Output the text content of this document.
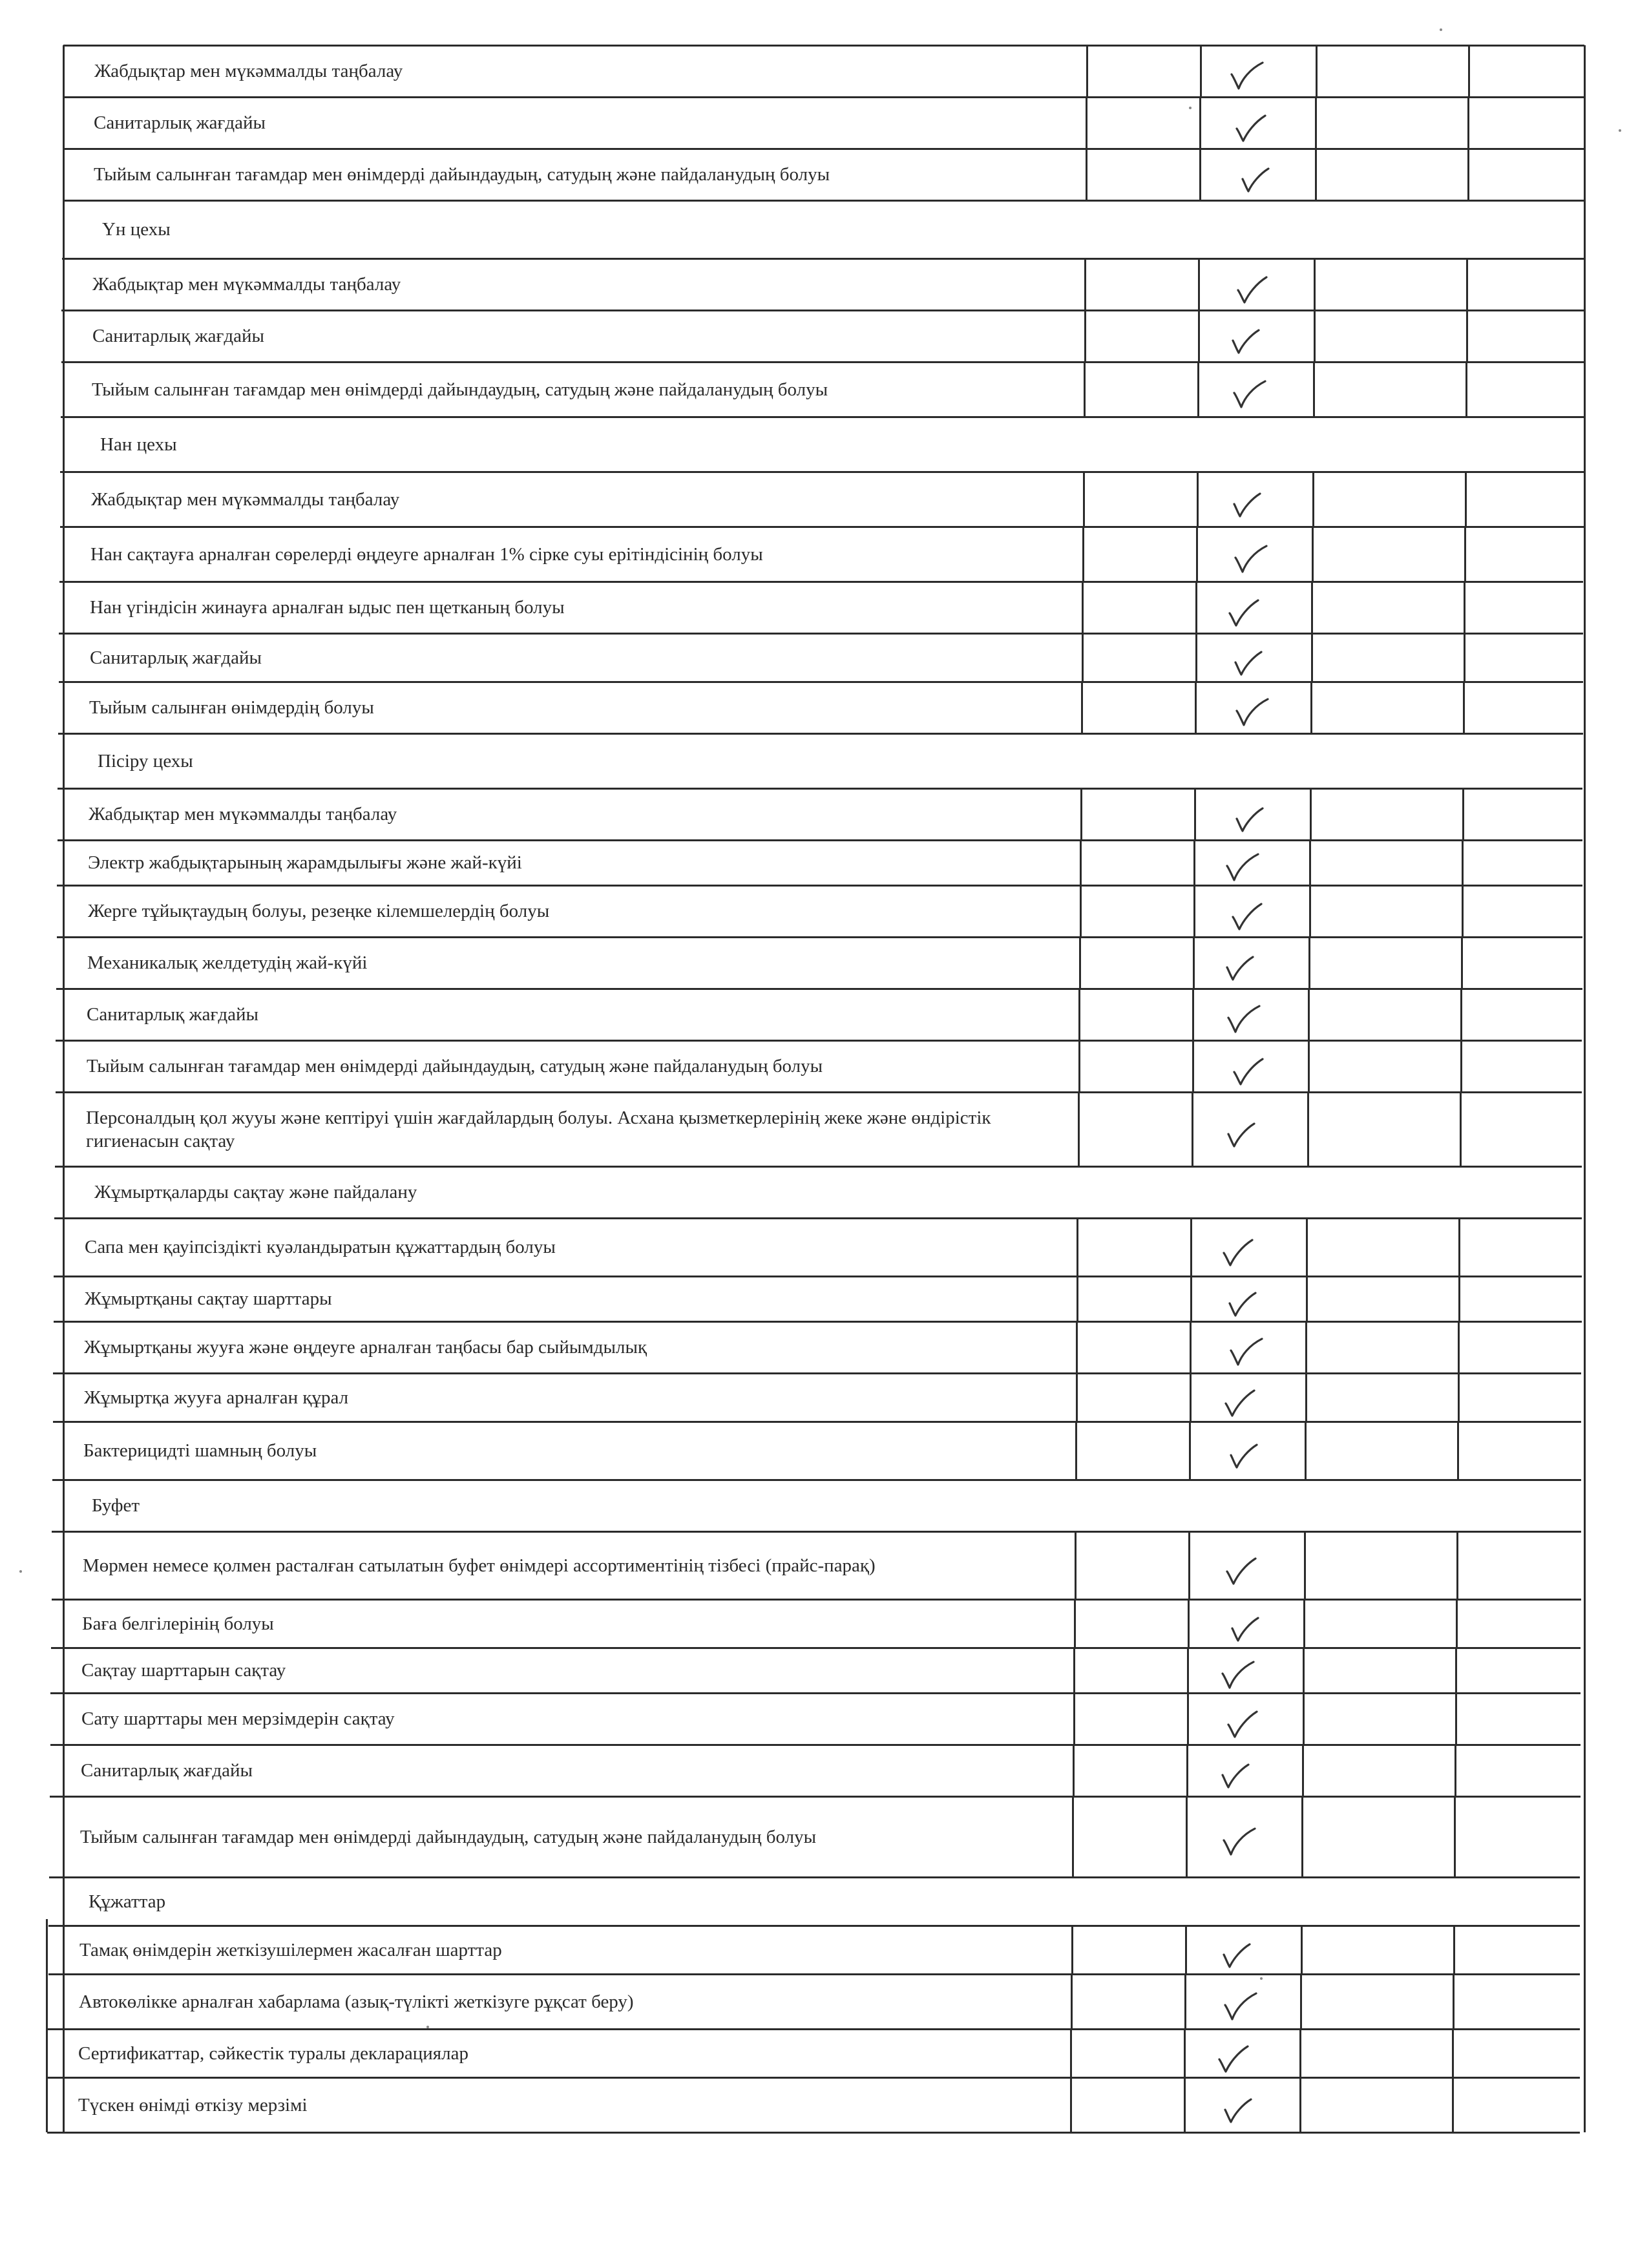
Жабдықтар мен мүкәммалды таңбалау
Санитарлық жағдайы
Тыйым салынған тағамдар мен өнімдерді дайындаудың, сатудың және пайдаланудың болуы
Үн цехы
Жабдықтар мен мүкәммалды таңбалау
Санитарлық жағдайы
Тыйым салынған тағамдар мен өнімдерді дайындаудың, сатудың және пайдаланудың болуы
Нан цехы
Жабдықтар мен мүкәммалды таңбалау
Нан сақтауға арналған сөрелерді өңдеуге арналған 1% сірке суы ерітіндісінің болуы
Нан үгіндісін жинауға арналған ыдыс пен щетканың болуы
Санитарлық жағдайы
Тыйым салынған өнімдердің болуы
Пісіру цехы
Жабдықтар мен мүкәммалды таңбалау
Электр жабдықтарының жарамдылығы және жай-күйі
Жерге тұйықтаудың болуы, резеңке кілемшелердің болуы
Механикалық желдетудің жай-күйі
Санитарлық жағдайы
Тыйым салынған тағамдар мен өнімдерді дайындаудың, сатудың және пайдаланудың болуы
Персоналдың қол жууы және кептіруі үшін жағдайлардың болуы. Асхана қызметкерлерінің жеке және өндірістік гигиенасын сақтау
Жұмыртқаларды сақтау және пайдалану
Сапа мен қауіпсіздікті куәландыратын құжаттардың болуы
Жұмыртқаны сақтау шарттары
Жұмыртқаны жууға және өңдеуге арналған таңбасы бар сыйымдылық
Жұмыртқа жууға арналған құрал
Бактерицидті шамның болуы
Буфет
Мөрмен немесе қолмен расталған сатылатын буфет өнімдері ассортиментінің тізбесі (прайс-парақ)
Баға белгілерінің болуы
Сақтау шарттарын сақтау
Сату шарттары мен мерзімдерін сақтау
Санитарлық жағдайы
Тыйым салынған тағамдар мен өнімдерді дайындаудың, сатудың және пайдаланудың болуы
Құжаттар
Тамақ өнімдерін жеткізушілермен жасалған шарттар
Автокөлікке арналған хабарлама (азық-түлікті жеткізуге рұқсат беру)
Сертификаттар, сәйкестік туралы декларациялар
Түскен өнімді өткізу мерзімі
